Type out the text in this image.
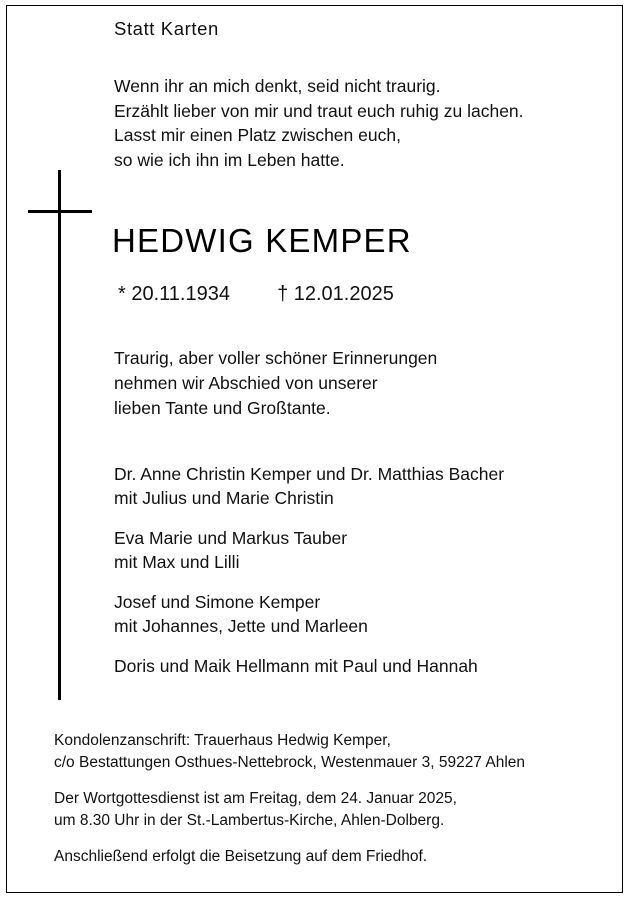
Statt Karten
Wenn ihr an mich denkt, seid nicht traurig.
Erzählt lieber von mir und traut euch ruhig zu lachen.
Lasst mir einen Platz zwischen euch,
so wie ich ihn im Leben hatte.
HEDWIG KEMPER
* 20.11.1934 † 12.01.2025
Traurig, aber voller schöner Erinnerungen
nehmen wir Abschied von unserer
lieben Tante und Großtante.
Dr. Anne Christin Kemper und Dr. Matthias Bacher
mit Julius und Marie Christin
Eva Marie und Markus Tauber
mit Max und Lilli
Josef und Simone Kemper
mit Johannes, Jette und Marleen
Doris und Maik Hellmann mit Paul und Hannah
Kondolenzanschrift: Trauerhaus Hedwig Kemper,
c/o Bestattungen Osthues-Nettebrock, Westenmauer 3, 59227 Ahlen
Der Wortgottesdienst ist am Freitag, dem 24. Januar 2025,
um 8.30 Uhr in der St.-Lambertus-Kirche, Ahlen-Dolberg.
Anschließend erfolgt die Beisetzung auf dem Friedhof.
